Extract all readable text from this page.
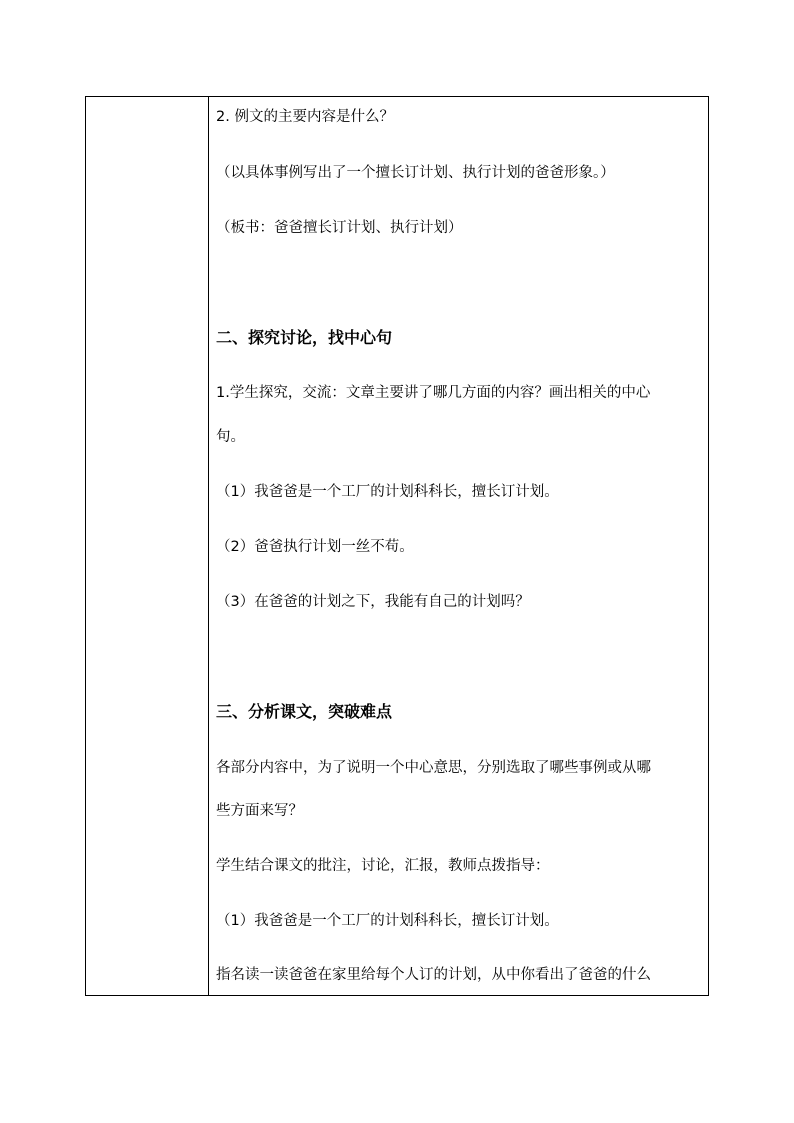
2. 例文的主要内容是什么？
（以具体事例写出了一个擅长订计划、执行计划的爸爸形象。）
（板书：爸爸擅长订计划、执行计划）
二、探究讨论，找中心句
1.学生探究，交流：文章主要讲了哪几方面的内容？画出相关的中心
句。
（1）我爸爸是一个工厂的计划科科长，擅长订计划。
（2）爸爸执行计划一丝不苟。
（3）在爸爸的计划之下，我能有自己的计划吗？
三、分析课文，突破难点
各部分内容中，为了说明一个中心意思，分别选取了哪些事例或从哪
些方面来写？
学生结合课文的批注，讨论，汇报，教师点拨指导：
（1）我爸爸是一个工厂的计划科科长，擅长订计划。
指名读一读爸爸在家里给每个人订的计划，从中你看出了爸爸的什么
